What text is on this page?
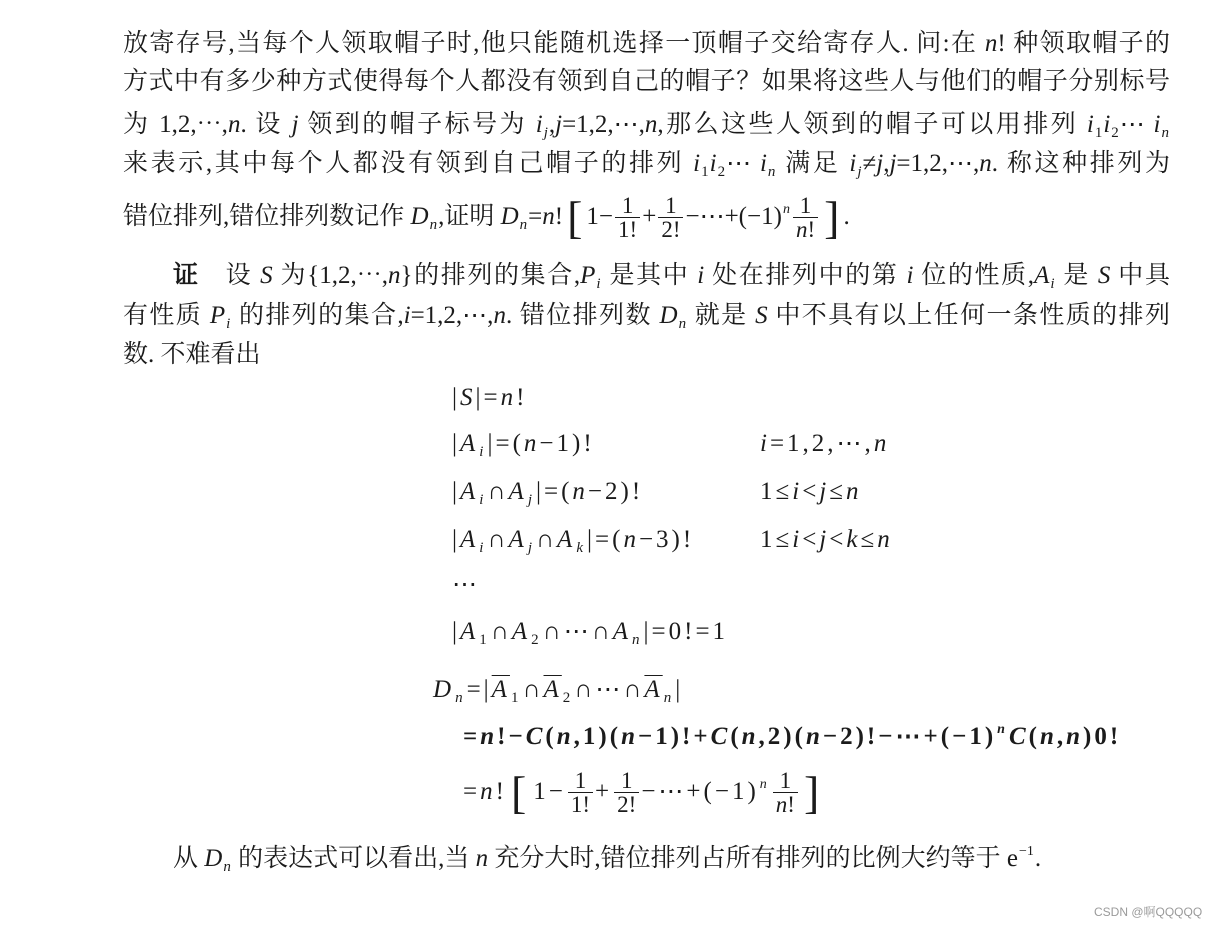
放寄存号,当每个人领取帽子时,他只能随机选择一顶帽子交给寄存人. 问:在 n! 种领取帽子的
方式中有多少种方式使得每个人都没有领到自己的帽子？如果将这些人与他们的帽子分别标号
为 1,2,⋯,n. 设 j 领到的帽子标号为 $i_j,j=1,2,\cdots,n$,那么这些人领到的帽子可以用排列 $i_1i_2\cdots$ $i_n$
来表示,其中每个人都没有领到自己帽子的排列 $i_1i_2\cdots$ $i_n$ 满足 $i_j\ne j,j=1,2,\cdots,n$. 称这种排列为
错位排列,错位排列数记作 $D_n$,证明 $D_n=n$![ $1- \frac{1}{1!} + \frac{1}{2!}$ $-\cdots+(-1)^n \frac{1}{n!}$ ] .
证 设 S 为{1,2,⋯,n}的排列的集合$,P_i$ 是其中 i 处在排列中的第 i 位的性质$,A_i$ 是 S 中具
有性质 $P_i$ 的排列的集合,i=1,2,⋯,n. 错位排列数 $D_n$ 就是 S 中不具有以上任何一条性质的排列
数. 不难看出
|S|=n!
$|A_i|=(n-1)$!	i=1,2,⋯,n
$|A_i\cap A_j|=(n-2)$!	1≤i<j≤n
$|A_i\cap A_j\cap A_k|=(n-3)$!	1≤i<j<k≤n
⋯
$|A_1\cap A_2\cap\cdots\cap A_n|=0!=1$
$D_n=|\overline{A}_1\cap\overline{A}_2\cap\cdots\cap\overline{A}_n|$
$=n!-C(n,1)(n-1)!+C(n,2)(n-2)!-\cdots+(-1)^nC(n,n)0$!
=n![ $1- \frac{1}{1!} + \frac{1}{2!}$ $-\cdots+(-1)^n \frac{1}{n!}$ ]
从 $D_n$ 的表达式可以看出,当 n 充分大时,错位排列占所有排列的比例大约等于 $e^{-1}$.
CSDN @啊QQQQQ
